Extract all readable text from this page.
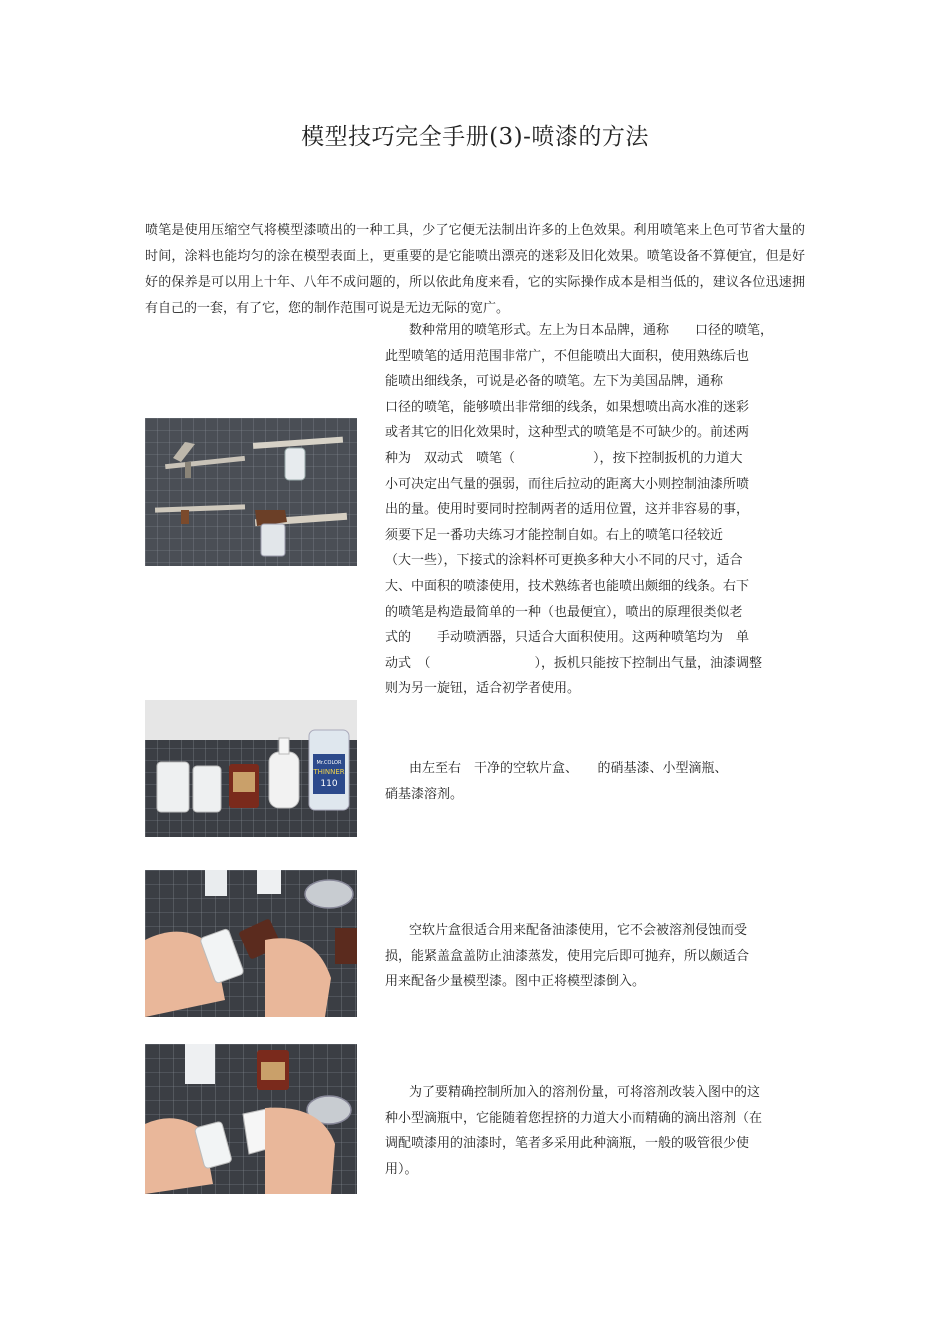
模型技巧完全手册(3)-喷漆的方法

喷笔是使用压缩空气将模型漆喷出的一种工具，少了它便无法制出许多的上色效果。利用喷笔来上色可节省大量的时间，涂料也能均匀的涂在模型表面上，更重要的是它能喷出漂亮的迷彩及旧化效果。喷笔设备不算便宜，但是好好的保养是可以用上十年、八年不成问题的，所以依此角度来看，它的实际操作成本是相当低的，建议各位迅速拥有自己的一套，有了它，您的制作范围可说是无边无际的宽广。

数种常用的喷笔形式。左上为日本品牌，通称　　口径的喷笔，

此型喷笔的适用范围非常广，不但能喷出大面积，使用熟练后也

能喷出细线条，可说是必备的喷笔。左下为美国品牌，通称

口径的喷笔，能够喷出非常细的线条，如果想喷出高水准的迷彩

或者其它的旧化效果时，这种型式的喷笔是不可缺少的。前述两

种为　双动式　喷笔（　　　　　　），按下控制扳机的力道大

小可决定出气量的强弱，而往后拉动的距离大小则控制油漆所喷

出的量。使用时要同时控制两者的适用位置，这并非容易的事，

须要下足一番功夫练习才能控制自如。右上的喷笔口径较近

（大一些），下接式的涂料杯可更换多种大小不同的尺寸，适合

大、中面积的喷漆使用，技术熟练者也能喷出颇细的线条。右下

的喷笔是构造最简单的一种（也最便宜），喷出的原理很类似老

式的　　手动喷洒器，只适合大面积使用。这两种喷笔均为　单

动式　（　　　　　　　　），扳机只能按下控制出气量，油漆调整

则为另一旋钮，适合初学者使用。

Mr.COLOR
THINNER
110

由左至右　干净的空软片盒、　　的硝基漆、小型滴瓶、

硝基漆溶剂。

空软片盒很适合用来配备油漆使用，它不会被溶剂侵蚀而受

损，能紧盖盒盖防止油漆蒸发，使用完后即可抛弃，所以颇适合

用来配备少量模型漆。图中正将模型漆倒入。

为了要精确控制所加入的溶剂份量，可将溶剂改装入图中的这

种小型滴瓶中，它能随着您捏挤的力道大小而精确的滴出溶剂（在

调配喷漆用的油漆时，笔者多采用此种滴瓶，一般的吸管很少使

用）。
